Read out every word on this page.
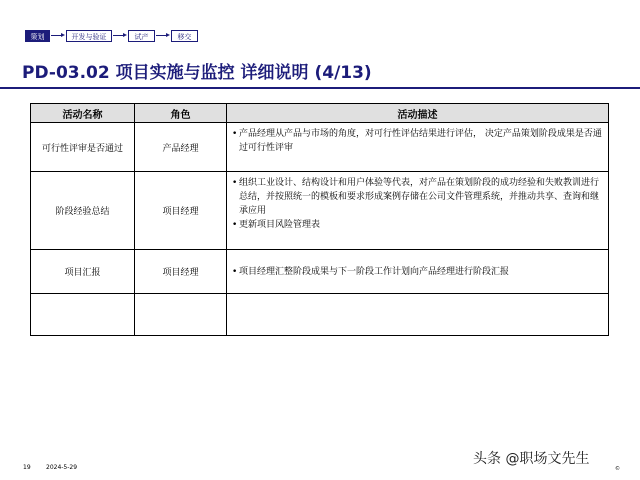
策划	开发与验证	试产	移交
PD-03.02 项目实施与监控 详细说明 (4/13)
活动名称	角色	活动描述
可行性评审是否通过	产品经理	• 产品经理从产品与市场的角度，对可行性评估结果进行评估， 决定产品策划阶段成果是否通过可行性评审

阶段经验总结	项目经理	• 组织工业设计、结构设计和用户体验等代表，对产品在策划阶段的成功经验和失败教训进行总结，并按照统一的模板和要求形成案例存储在公司文件管理系统，并推动共享、查询和继承应用
• 更新项目风险管理表

项目汇报	项目经理	• 项目经理汇整阶段成果与下一阶段工作计划向产品经理进行阶段汇报

19	2024-5-29
头条 @职场文先生
©
